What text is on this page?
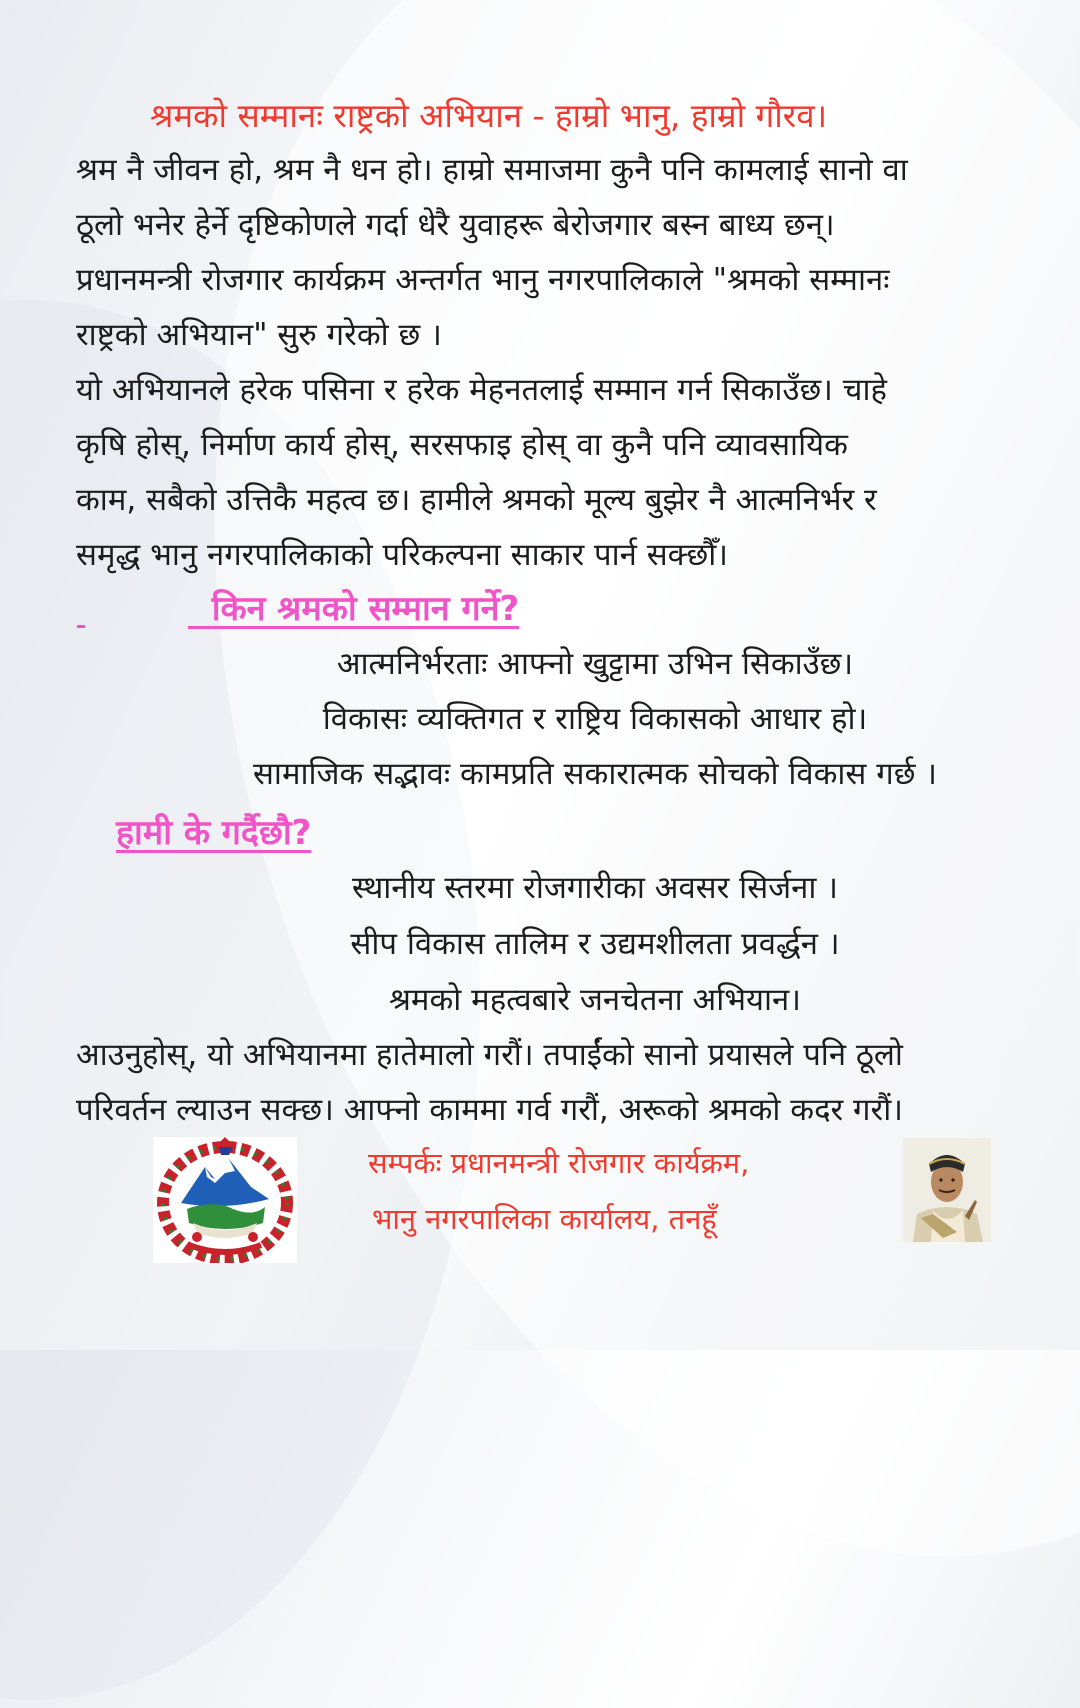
श्रमको सम्मानः राष्ट्रको अभियान - हाम्रो भानु, हाम्रो गौरव।

श्रम नै जीवन हो, श्रम नै धन हो। हाम्रो समाजमा कुनै पनि कामलाई सानो वा
ठूलो भनेर हेर्ने दृष्टिकोणले गर्दा धेरै युवाहरू बेरोजगार बस्न बाध्य छन्।
प्रधानमन्त्री रोजगार कार्यक्रम अन्तर्गत भानु नगरपालिकाले "श्रमको सम्मानः
राष्ट्रको अभियान" सुरु गरेको छ ।
यो अभियानले हरेक पसिना र हरेक मेहनतलाई सम्मान गर्न सिकाउँछ। चाहे
कृषि होस्, निर्माण कार्य होस्, सरसफाइ होस् वा कुनै पनि व्यावसायिक
काम, सबैको उत्तिकै महत्व छ। हामीले श्रमको मूल्य बुझेर नै आत्मनिर्भर र
समृद्ध भानु नगरपालिकाको परिकल्पना साकार पार्न सक्छौँ।

किन श्रमको सम्मान गर्ने?
आत्मनिर्भरताः आफ्नो खुट्टामा उभिन सिकाउँछ।
विकासः व्यक्तिगत र राष्ट्रिय विकासको आधार हो।
सामाजिक सद्भावः कामप्रति सकारात्मक सोचको विकास गर्छ ।
हामी के गर्दैछौ?
स्थानीय स्तरमा रोजगारीका अवसर सिर्जना ।
सीप विकास तालिम र उद्यमशीलता प्रवर्द्धन ।
श्रमको महत्वबारे जनचेतना अभियान।

आउनुहोस्, यो अभियानमा हातेमालो गरौं। तपाईंको सानो प्रयासले पनि ठूलो
परिवर्तन ल्याउन सक्छ। आफ्नो काममा गर्व गरौं, अरूको श्रमको कदर गरौं।

सम्पर्कः प्रधानमन्त्री रोजगार कार्यक्रम,
भानु नगरपालिका कार्यालय, तनहूँ
